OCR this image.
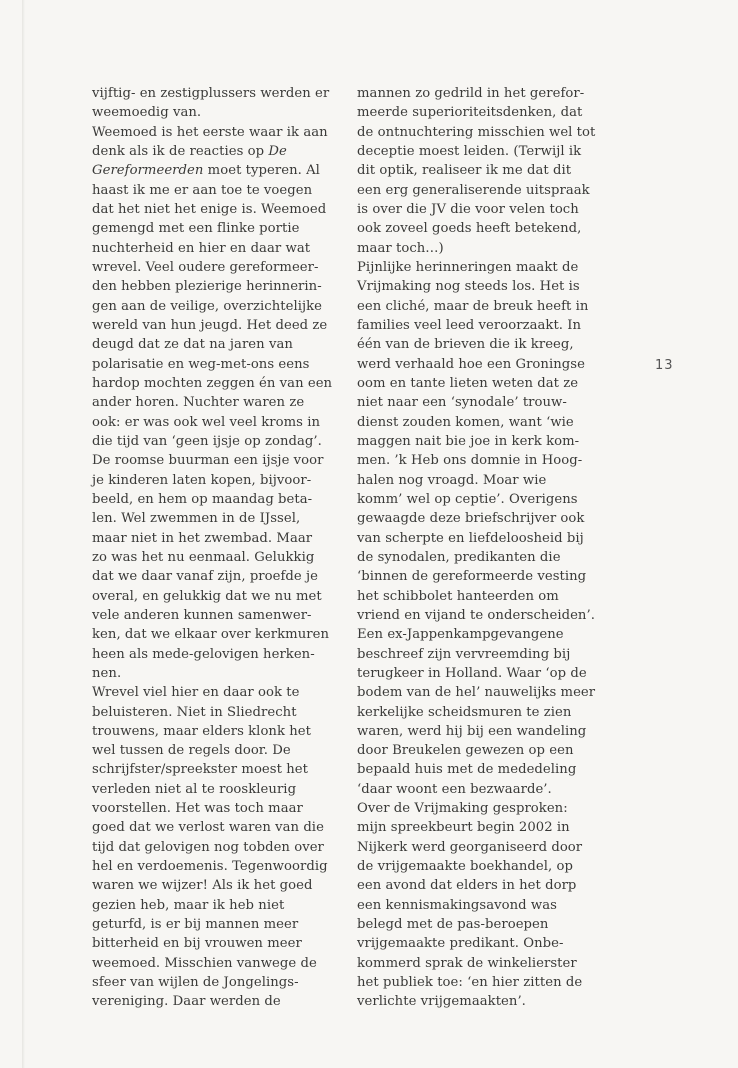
vijftig- en zestigplussers werden er

weemoedig van.

Weemoed is het eerste waar ik aan

denk als ik de reacties op De

Gereformeerden moet typeren. Al

haast ik me er aan toe te voegen

dat het niet het enige is. Weemoed

gemengd met een flinke portie

nuchterheid en hier en daar wat

wrevel. Veel oudere gereformeer-

den hebben plezierige herinnerin-

gen aan de veilige, overzichtelijke

wereld van hun jeugd. Het deed ze

deugd dat ze dat na jaren van

polarisatie en weg-met-ons eens

hardop mochten zeggen én van een

ander horen. Nuchter waren ze

ook: er was ook wel veel kroms in

die tijd van ‘geen ijsje op zondag’.

De roomse buurman een ijsje voor

je kinderen laten kopen, bijvoor-

beeld, en hem op maandag beta-

len. Wel zwemmen in de IJssel,

maar niet in het zwembad. Maar

zo was het nu eenmaal. Gelukkig

dat we daar vanaf zijn, proefde je

overal, en gelukkig dat we nu met

vele anderen kunnen samenwer-

ken, dat we elkaar over kerkmuren

heen als mede-gelovigen herken-

nen.

Wrevel viel hier en daar ook te

beluisteren. Niet in Sliedrecht

trouwens, maar elders klonk het

wel tussen de regels door. De

schrijfster/spreekster moest het

verleden niet al te rooskleurig

voorstellen. Het was toch maar

goed dat we verlost waren van die

tijd dat gelovigen nog tobden over

hel en verdoemenis. Tegenwoordig

waren we wijzer! Als ik het goed

gezien heb, maar ik heb niet

geturfd, is er bij mannen meer

bitterheid en bij vrouwen meer

weemoed. Misschien vanwege de

sfeer van wijlen de Jongelings-

vereniging. Daar werden de

mannen zo gedrild in het gerefor-

meerde superioriteitsdenken, dat

de ontnuchtering misschien wel tot

deceptie moest leiden. (Terwijl ik

dit optik, realiseer ik me dat dit

een erg generaliserende uitspraak

is over die JV die voor velen toch

ook zoveel goeds heeft betekend,

maar toch…)

Pijnlijke herinneringen maakt de

Vrijmaking nog steeds los. Het is

een cliché, maar de breuk heeft in

families veel leed veroorzaakt. In

één van de brieven die ik kreeg,

werd verhaald hoe een Groningse

oom en tante lieten weten dat ze

niet naar een ‘synodale’ trouw-

dienst zouden komen, want ‘wie

maggen nait bie joe in kerk kom-

men. ’k Heb ons domnie in Hoog-

halen nog vroagd. Moar wie

komm’ wel op ceptie’. Overigens

gewaagde deze briefschrijver ook

van scherpte en liefdeloosheid bij

de synodalen, predikanten die

‘binnen de gereformeerde vesting

het schibbolet hanteerden om

vriend en vijand te onderscheiden’.

Een ex-Jappenkampgevangene

beschreef zijn vervreemding bij

terugkeer in Holland. Waar ‘op de

bodem van de hel’ nauwelijks meer

kerkelijke scheidsmuren te zien

waren, werd hij bij een wandeling

door Breukelen gewezen op een

bepaald huis met de mededeling

‘daar woont een bezwaarde’.

Over de Vrijmaking gesproken:

mijn spreekbeurt begin 2002 in

Nijkerk werd georganiseerd door

de vrijgemaakte boekhandel, op

een avond dat elders in het dorp

een kennismakingsavond was

belegd met de pas-beroepen

vrijgemaakte predikant. Onbe-

kommerd sprak de winkelierster

het publiek toe: ‘en hier zitten de

verlichte vrijgemaakten’.

13
